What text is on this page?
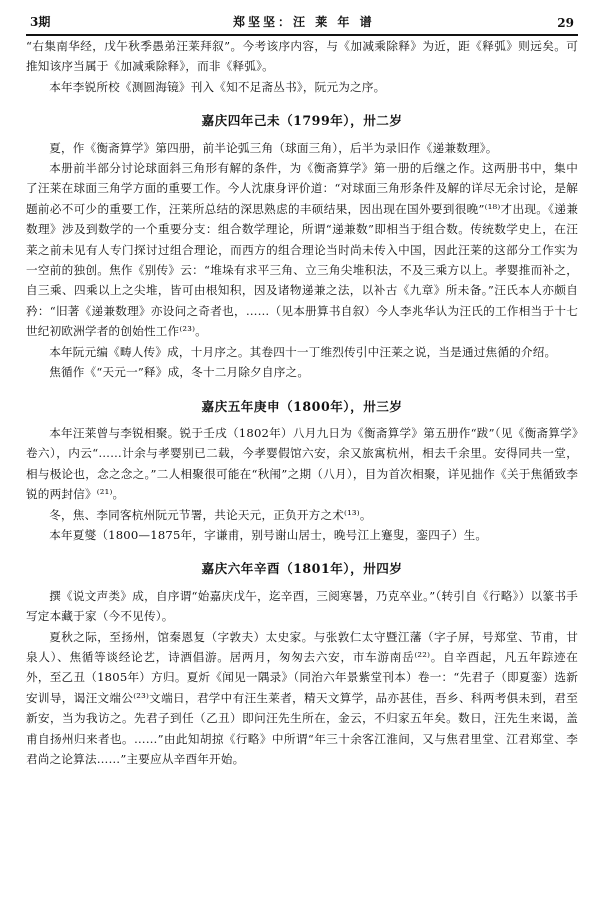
3期	郑坚坚：汪 莱 年 谱	29

“右集南华经，戊午秋季愚弟汪莱拜叙”。今考该序内容，与《加减乘除释》为近，距《释弧》则远矣。可推知该序当属于《加减乘除释》，而非《释弧》。

本年李锐所校《测圆海镜》刊入《知不足斋丛书》，阮元为之序。

嘉庆四年己未（1799年），卅二岁

夏，作《衡斋算学》第四册，前半论弧三角（球面三角），后半为录旧作《递兼数理》。

本册前半部分讨论球面斜三角形有解的条件，为《衡斋算学》第一册的后继之作。这两册书中，集中了汪莱在球面三角学方面的重要工作。今人沈康身评价道：“对球面三角形条件及解的详尽无余讨论，是解题前必不可少的重要工作，汪莱所总结的深思熟虑的丰硕结果，因出现在国外要到很晚”⁽¹⁸⁾才出现。《递兼数理》涉及到数学的一个重要分支：组合数学理论，所谓“递兼数”即相当于组合数。传统数学史上，在汪莱之前未见有人专门探讨过组合理论，而西方的组合理论当时尚未传入中国，因此汪莱的这部分工作实为一空前的独创。焦作《别传》云：“堆垛有求平三角、立三角尖堆积法，不及三乘方以上。孝婴推而补之，自三乘、四乘以上之尖堆，皆可由根知积，因及诸物递兼之法，以补古《九章》所未备。”汪氏本人亦颇自矜：“旧著《递兼数理》亦设问之奇者也，……（见本册算书自叙）今人李兆华认为汪氏的工作相当于十七世纪初欧洲学者的创始性工作⁽²³⁾。

本年阮元编《畴人传》成，十月序之。其卷四十一丁维烈传引中汪莱之说，当是通过焦循的介绍。

焦循作《“天元一”释》成，冬十二月除夕自序之。

嘉庆五年庚申（1800年），卅三岁

本年汪莱曾与李锐相聚。锐于壬戌（1802年）八月九日为《衡斋算学》第五册作“跋”（见《衡斋算学》卷六），内云“……计余与孝婴别已二载，今孝婴假馆六安，余又旅寓杭州，相去千余里。安得同共一堂，相与极论也，念之念之。”二人相聚很可能在“秋闱”之期（八月），目为首次相聚，详见拙作《关于焦循致李锐的两封信》⁽²¹⁾。

冬，焦、李同客杭州阮元节署，共论天元，正负开方之术⁽¹³⁾。

本年夏燮（1800—1875年，字谦甫，别号谢山居士，晚号江上蹇叟，銮四子）生。

嘉庆六年辛酉（1801年），卅四岁

撰《说文声类》成，自序谓“始嘉庆戊午，迄辛酉，三阅寒暑，乃克卒业。”（转引自《行略》）以篆书手写定本藏于家（今不见传）。

夏秋之际，至扬州，馆秦恩复（字敦夫）太史家。与张敦仁太守暨江藩（字子屏，号郑堂、节甫，甘泉人）、焦循等谈经论艺，诗酒倡游。居两月，匆匆去六安，市车游南岳⁽²²⁾。自辛酉起，凡五年踪迹在外，至乙丑（1805年）方归。夏炘《闻见一隅录》（同治六年景紫堂刊本）卷一：“先君子（即夏銮）选新安训导，谒汪文端公⁽²³⁾文端日，君学中有汪生莱者，精天文算学，品亦甚佳，吾乡、科两考俱未到，君至新安，当为我访之。先君子到任（乙丑）即问汪先生所在，金云，不归家五年矣。数日，汪先生来谒，盖甫自扬州归来者也。……”由此知胡掠《行略》中所谓“年三十余客江淮间，又与焦君里堂、江君郑堂、李君尚之论算法……”主要应从辛酉年开始。
